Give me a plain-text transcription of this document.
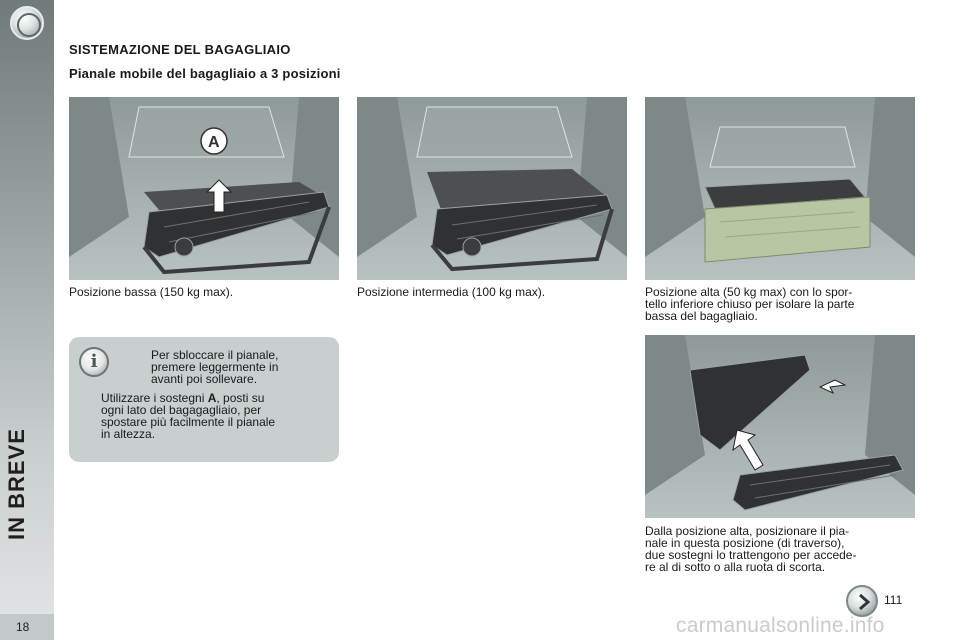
IN BREVE
18
SISTEMAZIONE DEL BAGAGLIAIO
Pianale mobile del bagagliaio a 3 posizioni
A
Posizione bassa (150 kg max).	Posizione intermedia (100 kg max).	Posizione alta (50 kg max) con lo spor-
tello inferiore chiuso per isolare la parte
bassa del bagagliaio.
Dalla posizione alta, posizionare il pia-
nale in questa posizione (di traverso),
due sostegni lo trattengono per accede-
re al di sotto o alla ruota di scorta.
i	Per sbloccare il pianale,
premere leggermente in
avanti poi sollevare.
Utilizzare i sostegni A, posti su
ogni lato del bagagagliaio, per
spostare più facilmente il pianale
in altezza.
111
carmanualsonline.info
